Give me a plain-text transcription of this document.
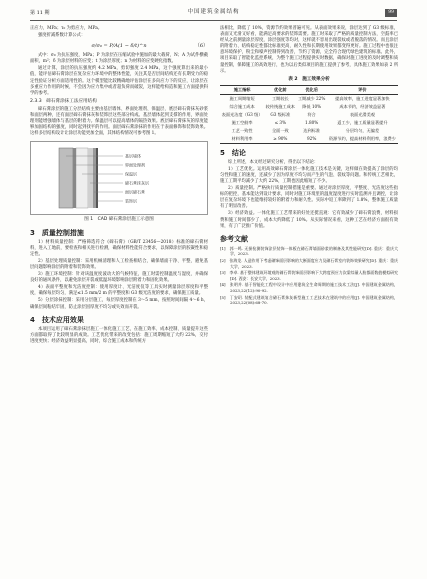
第 11 期	中国建筑金属结构	99

正应力，MPa；τ₀ 为剪应力，MPa。

强度折减系数计算公式：

σ/σ₀ = P/A(1 − δ/t)^n	（6）

式中：σ₀ 为抗压强度，MPa；P 为涂层在压缩试验中施加的最大载荷，N；A 为试件横截面积，m²；δ 为涂层材料的应变；t 为涂层厚度；n 为材料的应变硬化指数。

通过计算，涂层的抗压强度约 4.2 MPa，剪切强度 2.4 MPa，这个强度算出来的最小值，能评估碲石膏涂层在复杂应力环境中的整体性能，关注其是否层间结构还有长期受力的稳定性验证分析方面适用性的。这个模型能比较精确地评估涂层在多向应力下的反应，让涂层在多重应力作用的时候，不会因为应力集中或者超负荷而破裂，这样能给构造和施工方面提供科学的参考。

2.3.3　碲石膏涂抹工法应用结构

碲石膏涂层的施工分层结构主要由基层墙体、界面处理剂、保温层、底层碲石膏抹灰砂浆和面层两种，还有面层碲石膏抹灰和装饰层这些部分构成。基层墙体起到支撑的作用，界面处理剂能增强墙体与基层的附着力。保温层可以提高墙体的隔热效果。底层碲石膏抹灰的厚度能够加固结构的强度，同时起到找平的作用。面层碲石膏涂抹的作用在于表面修饰和装饰效果。这样多层结构设计让涂层功能更加全面，其体结构情况可参考图 1。

基层墙体
界面处理剂
保温层
碲石膏抹灰层
面层碲石膏
装饰层
图 1　CAD 碲石膏涂层施工示意图
3　质量控制措施

1）材料质量控制：严格筛选符合《碲石膏》（GB/T 23456—2018）标准的碲石膏材料，进入工地前，要检查和相关进行检测，确保材料性能符合要求，以保障涂层的胶凝性和稳定性。

2）基层处理质量控制：采用机械清理和人工检查相结合，确保墙面干净、平整，避免基层问题影响涂层的附着和装饰效果。

3）施工环境控制：针对该温度度波动大的气候特征，施工时需控制温度与湿度，并确保良好的通风条件，以避免涂层开裂或低温环境影响涂层附着力和固化效果。

4）表面平整度和光洁度控制：使用厚度计、光洁度仪等工具实时测量涂层厚度和平整度，确保每层均匀，满足≤1.5 mm/2 m 的平整度和 G3 级光洁度的要求，确保施工质量。

5）分层涂抹控制：采用分层施工，每层厚度控制在 3～5 mm，按照时间间隔 4～6 h，确保层间粘结牢固，防止涂层因厚度不均匀或失效而开裂。

4　技术应用效果

本项目运用了碲石膏涂抹层施工一体化施工工艺，在施工效率、成本控制、质量提升这些方面都取得了比较明显的成效。工艺优化带来的改变包括：施工周期缩短了大约 22%，交付进度更快；经济效益明显提高，同时，综合施工成本和传统方

法相比，降低了 10%，资源节约效果普遍可见。从表面效果来说，涂层达到了 G3 级标准，表面又光滑又好看，能满足高要求的装饰需要。施工时采取了严格的质量控制方法，空鼓率已经从之前测量涂层厚度，涂层强度等均对，这样就不容易出现裂纹或者脱落的情况。而且涂层的附着力、结构稳定性都比标准更高，耐久性和长期使用效果都变得更好。施工过程中也很注意环境保护，粉尘和噪声控制得到改善，节约了资源，完全符合现代绿色建筑的标准。此外，项目采取了智能化监控系统，为整个施工过程提供实时数据，确保对施工进度的及时调整和质量控制，保障施工的高效进行，也为以后类似项目的施工提供了参考，具体施工效果如表 2 所示。

表 2　施工效果分析
施工指标	优化前	优化后	评价
施工周期缩短	工期较长	工期减少 22%	提高效率，施工进度显著加快
综合施工成本	较传统施工成本	降低 10%	成本节约，经济效益显著
表面光洁度（G3 级）	G3 级标准	符合	表面光滑美观
施工空鼓率	≤ 3%	1.80%	返工少，施工质量显著提升
工艺一致性	全面一致	达到标准	分层均匀，无偏差
材料利用率	≥ 90%	92%	资源节约，提高材料利用率，浪费少
5　结论

综上所述，本文经过研究分析，得出以下结论：

1）工艺优化。运用高效碲石膏涂层一体化施工技术是关键，这样做在效提高了涂层的均匀性和施工的速度，还减少了因为厚度不均匀而产生的气泡、裂纹等问题。和传统工艺相比，施工工期平均减少了大约 22%，工期也因此缩短了不少。

2）质量控制。严格执行质量控制措施是重要。通过对涂层厚度、平整度、光洁度这些指标的把控，基本能达到设计要求，同时对施工环境里的温度湿度进行实时监测并且调控，让涂层在复杂环境下也能维持较好的附着力和耐久性。实际中返工率降到了 1.8%，整体施工质量有了明显改善。

3）经济效益。一体化施工工艺带来的好处还挺直观：它有效减少了碲石膏浪费，材料损费和施工时间都少了，成本大约降低了 10%。从实际情况来看，这种工艺在经济方面很有效果，有了广泛推广价值。

参考文献

[1]　郭一鸣. 无损检测装饰涂层装饰一体板在碲石膏墙面砂浆的制备及其性能研究[D]. 重庆：重庆大学，2023.

[2]　张海龙. 人造作用下考虑碲饰面层影响的大断面度应力及碲石膏室内装饰效果研究[D]. 重庆：重庆大学，2023.

[3]　李卓. 基于整体建筑环境观的碲石膏装饰面层影响下大跨度预应力次梁综量人脸都面数值模拟研究[D]. 西安：长安大学，2023.

[4]　张明并. 基于智能化工程中设计中应用建筑全生命周期的施工技术工法[J]. 中国建筑金属结构，2023,22(12):90-92.

[5]　丁安玥. 装配式建筑复合碲石膏抹灰新型施工工艺技术在建筑中的应用[J]. 中国建筑金属结构，2023,22(08):68-70.
